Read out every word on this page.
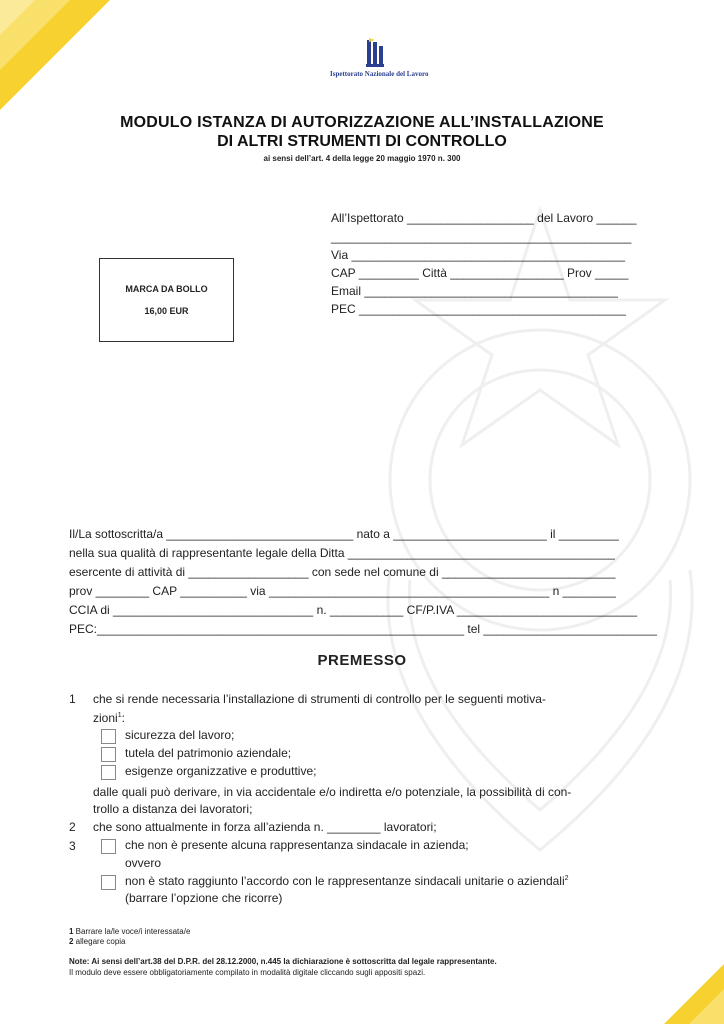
Ispettorato Nazionale del Lavoro
MODULO ISTANZA DI AUTORIZZAZIONE ALL’INSTALLAZIONE
DI ALTRI STRUMENTI DI CONTROLLO
ai sensi dell’art. 4 della legge 20 maggio 1970 n. 300
All’Ispettorato ___________________ del Lavoro ______
_____________________________________________
Via _________________________________________
CAP _________ Città _________________ Prov _____
Email ______________________________________
PEC ________________________________________
MARCA DA BOLLO
16,00 EUR
Il/La sottoscritta/a ____________________________ nato a _______________________ il _________
nella sua qualità di rappresentante legale della Ditta ________________________________________
esercente di attività di __________________ con sede nel comune di __________________________
prov ________ CAP __________ via __________________________________________ n ________
CCIA di ______________________________ n. ___________ CF/P.IVA ___________________________
PEC:_______________________________________________________ tel __________________________
PREMESSO
1 che si rende necessaria l’installazione di strumenti di controllo per le seguenti motiva-
zioni$^1$:
sicurezza del lavoro;
tutela del patrimonio aziendale;
esigenze organizzative e produttive;
dalle quali può derivare, in via accidentale e/o indiretta e/o potenziale, la possibilità di con-
trollo a distanza dei lavoratori;
2 che sono attualmente in forza all’azienda n. ________ lavoratori;
3	che non è presente alcuna rappresentanza sindacale in azienda;
ovvero
non è stato raggiunto l’accordo con le rappresentanze sindacali unitarie o aziendali$^2$
(barrare l’opzione che ricorre)
1 Barrare la/le voce/i interessata/e
2 allegare copia
Note: Ai sensi dell’art.38 del D.P.R. del 28.12.2000, n.445 la dichiarazione è sottoscritta dal legale rappresentante.
Il modulo deve essere obbligatoriamente compilato in modalità digitale cliccando sugli appositi spazi.
